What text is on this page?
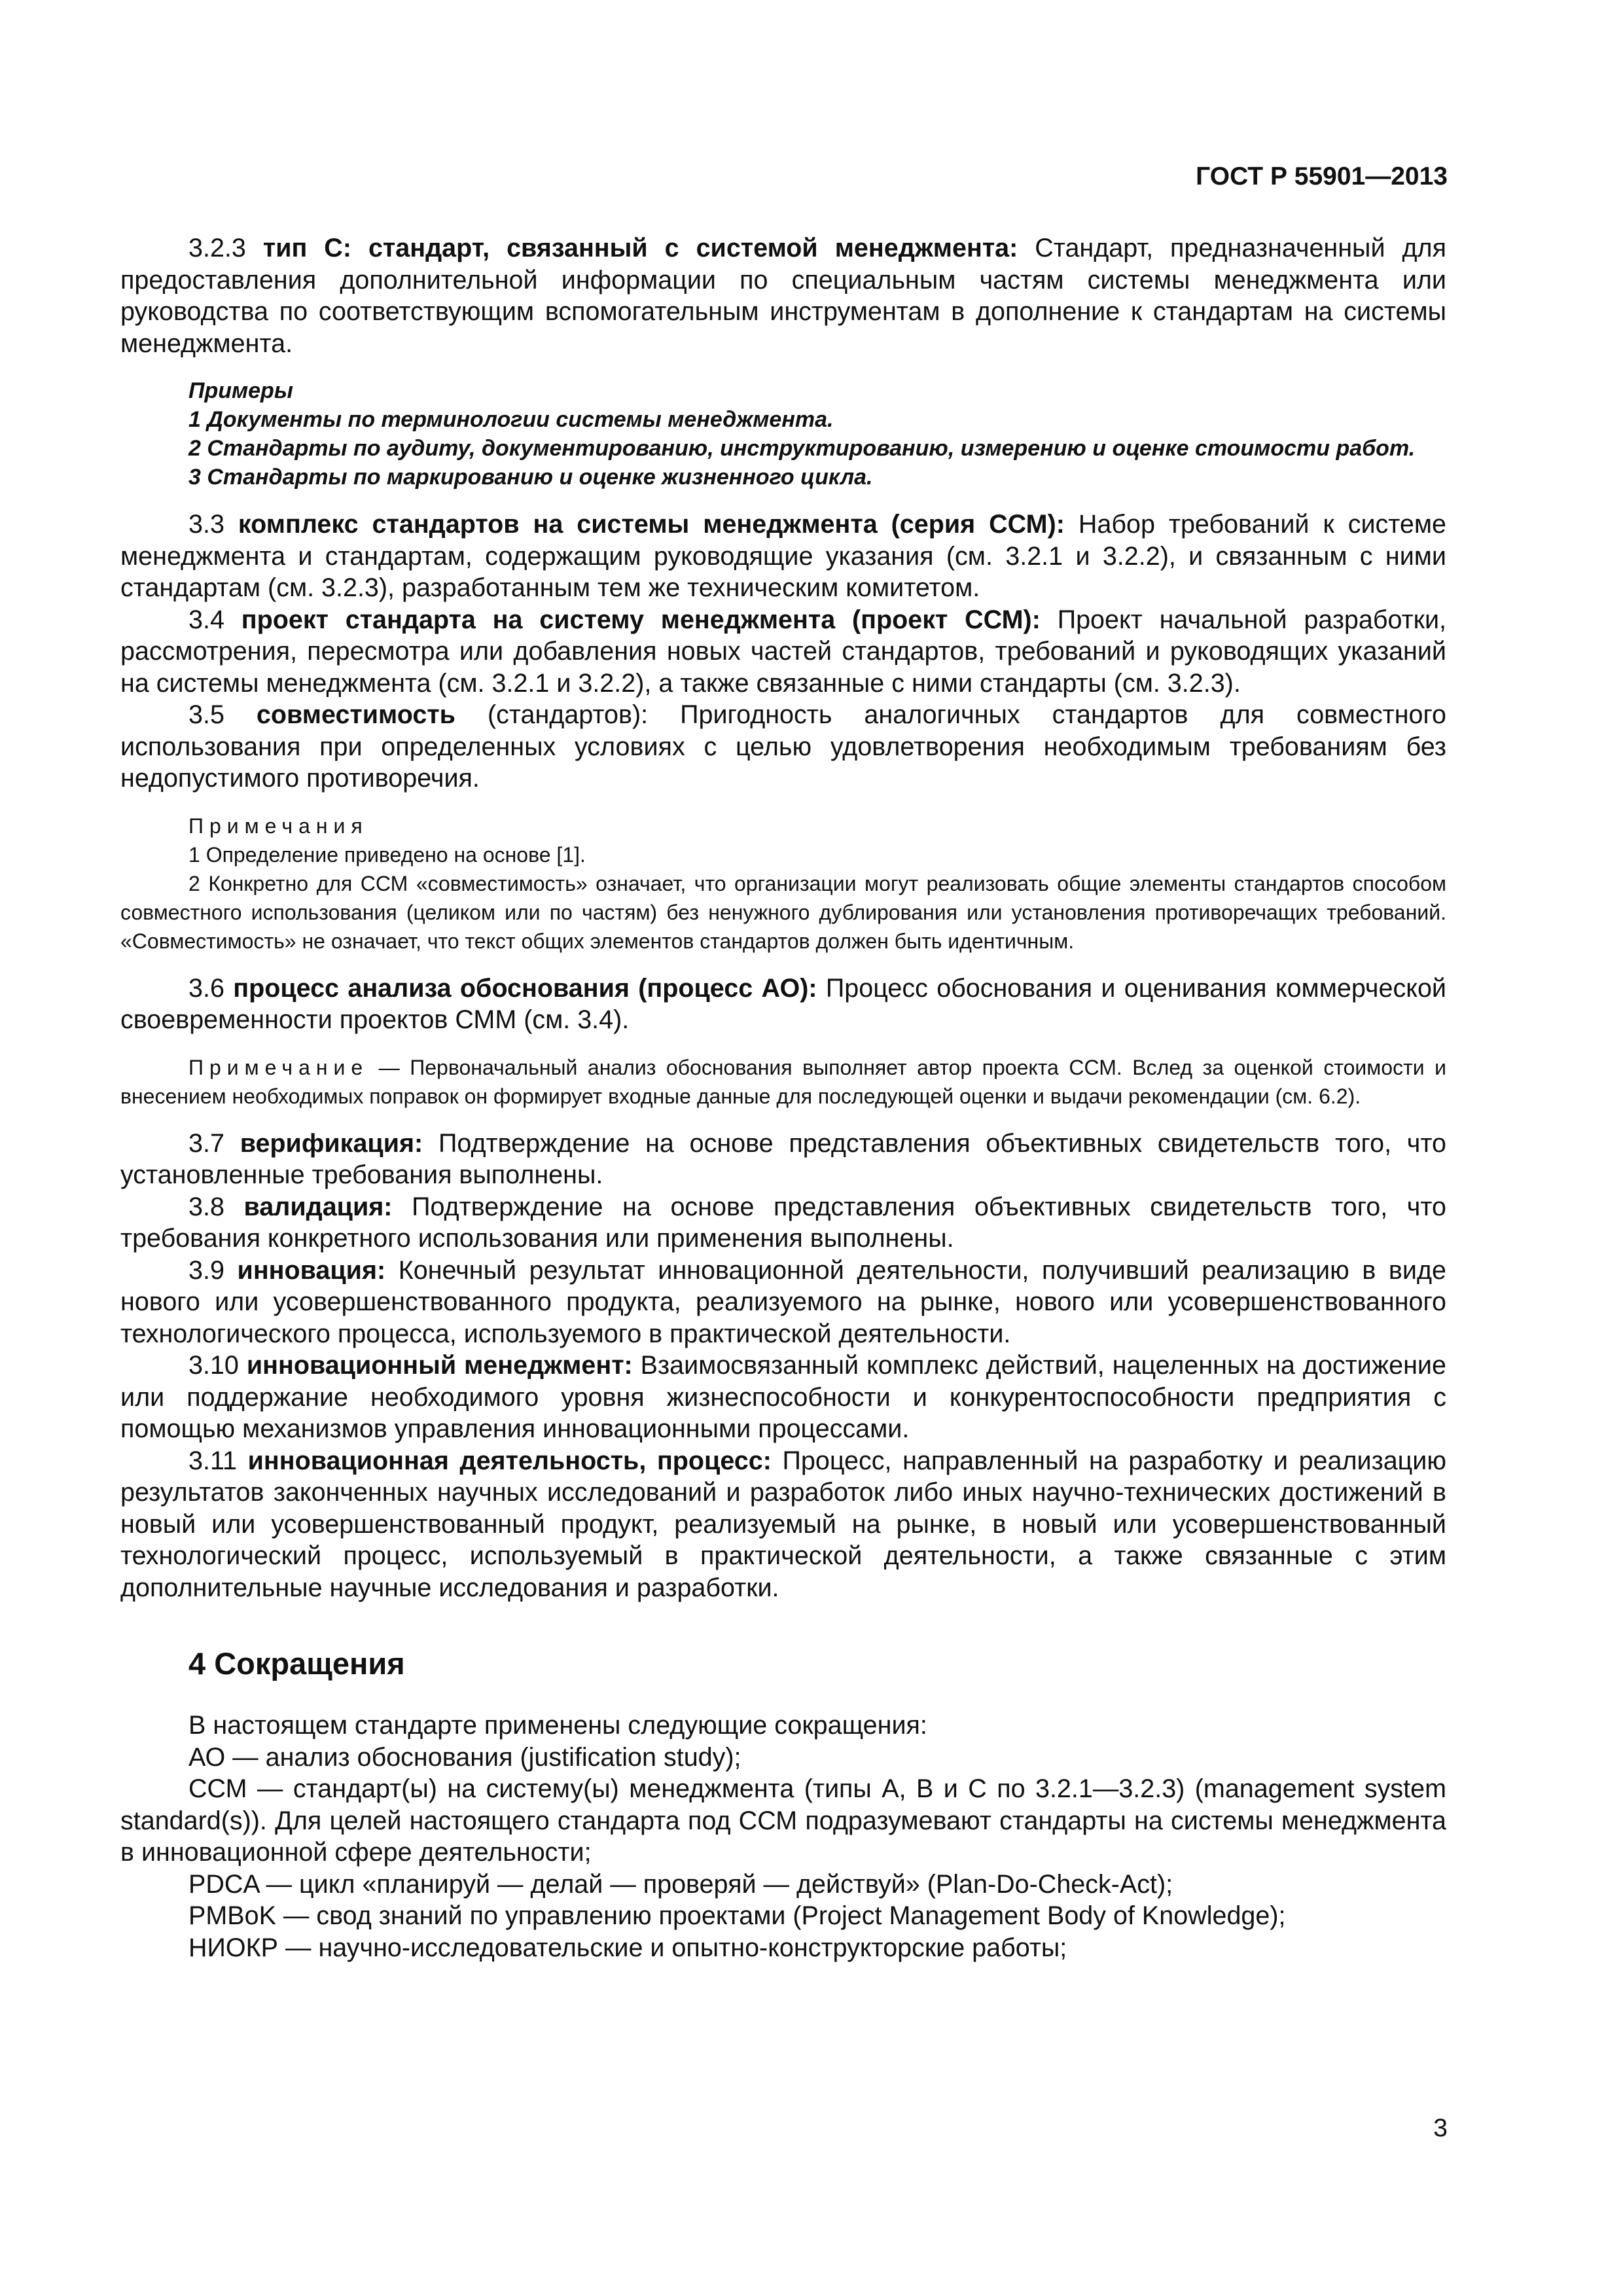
ГОСТ Р 55901—2013

3.2.3 тип С: стандарт, связанный с системой менеджмента: Стандарт, предназначенный для предоставления дополнительной информации по специальным частям системы менеджмента или руководства по соответствующим вспомогательным инструментам в дополнение к стандартам на системы менеджмента.

Примеры

1 Документы по терминологии системы менеджмента.

2 Стандарты по аудиту, документированию, инструктированию, измерению и оценке стоимости работ.

3 Стандарты по маркированию и оценке жизненного цикла.

3.3 комплекс стандартов на системы менеджмента (серия ССМ): Набор требований к системе менеджмента и стандартам, содержащим руководящие указания (см. 3.2.1 и 3.2.2), и связанным с ними стандартам (см. 3.2.3), разработанным тем же техническим комитетом.

3.4 проект стандарта на систему менеджмента (проект ССМ): Проект начальной разработки, рассмотрения, пересмотра или добавления новых частей стандартов, требований и руководящих указаний на системы менеджмента (см. 3.2.1 и 3.2.2), а также связанные с ними стандарты (см. 3.2.3).

3.5 совместимость (стандартов): Пригодность аналогичных стандартов для совместного использования при определенных условиях с целью удовлетворения необходимым требованиям без недопустимого противоречия.

Примечания

1 Определение приведено на основе [1].

2 Конкретно для ССМ «совместимость» означает, что организации могут реализовать общие элементы стандартов способом совместного использования (целиком или по частям) без ненужного дублирования или установления противоречащих требований. «Совместимость» не означает, что текст общих элементов стандартов должен быть идентичным.

3.6 процесс анализа обоснования (процесс АО): Процесс обоснования и оценивания коммерческой своевременности проектов СММ (см. 3.4).

Примечание — Первоначальный анализ обоснования выполняет автор проекта ССМ. Вслед за оценкой стоимости и внесением необходимых поправок он формирует входные данные для последующей оценки и выдачи рекомендации (см. 6.2).

3.7 верификация: Подтверждение на основе представления объективных свидетельств того, что установленные требования выполнены.

3.8 валидация: Подтверждение на основе представления объективных свидетельств того, что требования конкретного использования или применения выполнены.

3.9 инновация: Конечный результат инновационной деятельности, получивший реализацию в виде нового или усовершенствованного продукта, реализуемого на рынке, нового или усовершенствованного технологического процесса, используемого в практической деятельности.

3.10 инновационный менеджмент: Взаимосвязанный комплекс действий, нацеленных на достижение или поддержание необходимого уровня жизнеспособности и конкурентоспособности предприятия с помощью механизмов управления инновационными процессами.

3.11 инновационная деятельность, процесс: Процесс, направленный на разработку и реализацию результатов законченных научных исследований и разработок либо иных научно-технических достижений в новый или усовершенствованный продукт, реализуемый на рынке, в новый или усовершенствованный технологический процесс, используемый в практической деятельности, а также связанные с этим дополнительные научные исследования и разработки.

4 Сокращения

В настоящем стандарте применены следующие сокращения:

АО — анализ обоснования (justification study);

ССМ — стандарт(ы) на систему(ы) менеджмента (типы А, В и С по 3.2.1—3.2.3) (management system standard(s)). Для целей настоящего стандарта под ССМ подразумевают стандарты на системы менеджмента в инновационной сфере деятельности;

PDCA — цикл «планируй — делай — проверяй — действуй» (Plan-Do-Check-Act);

PMBoK — свод знаний по управлению проектами (Project Management Body of Knowledge);

НИОКР — научно-исследовательские и опытно-конструкторские работы;

3
